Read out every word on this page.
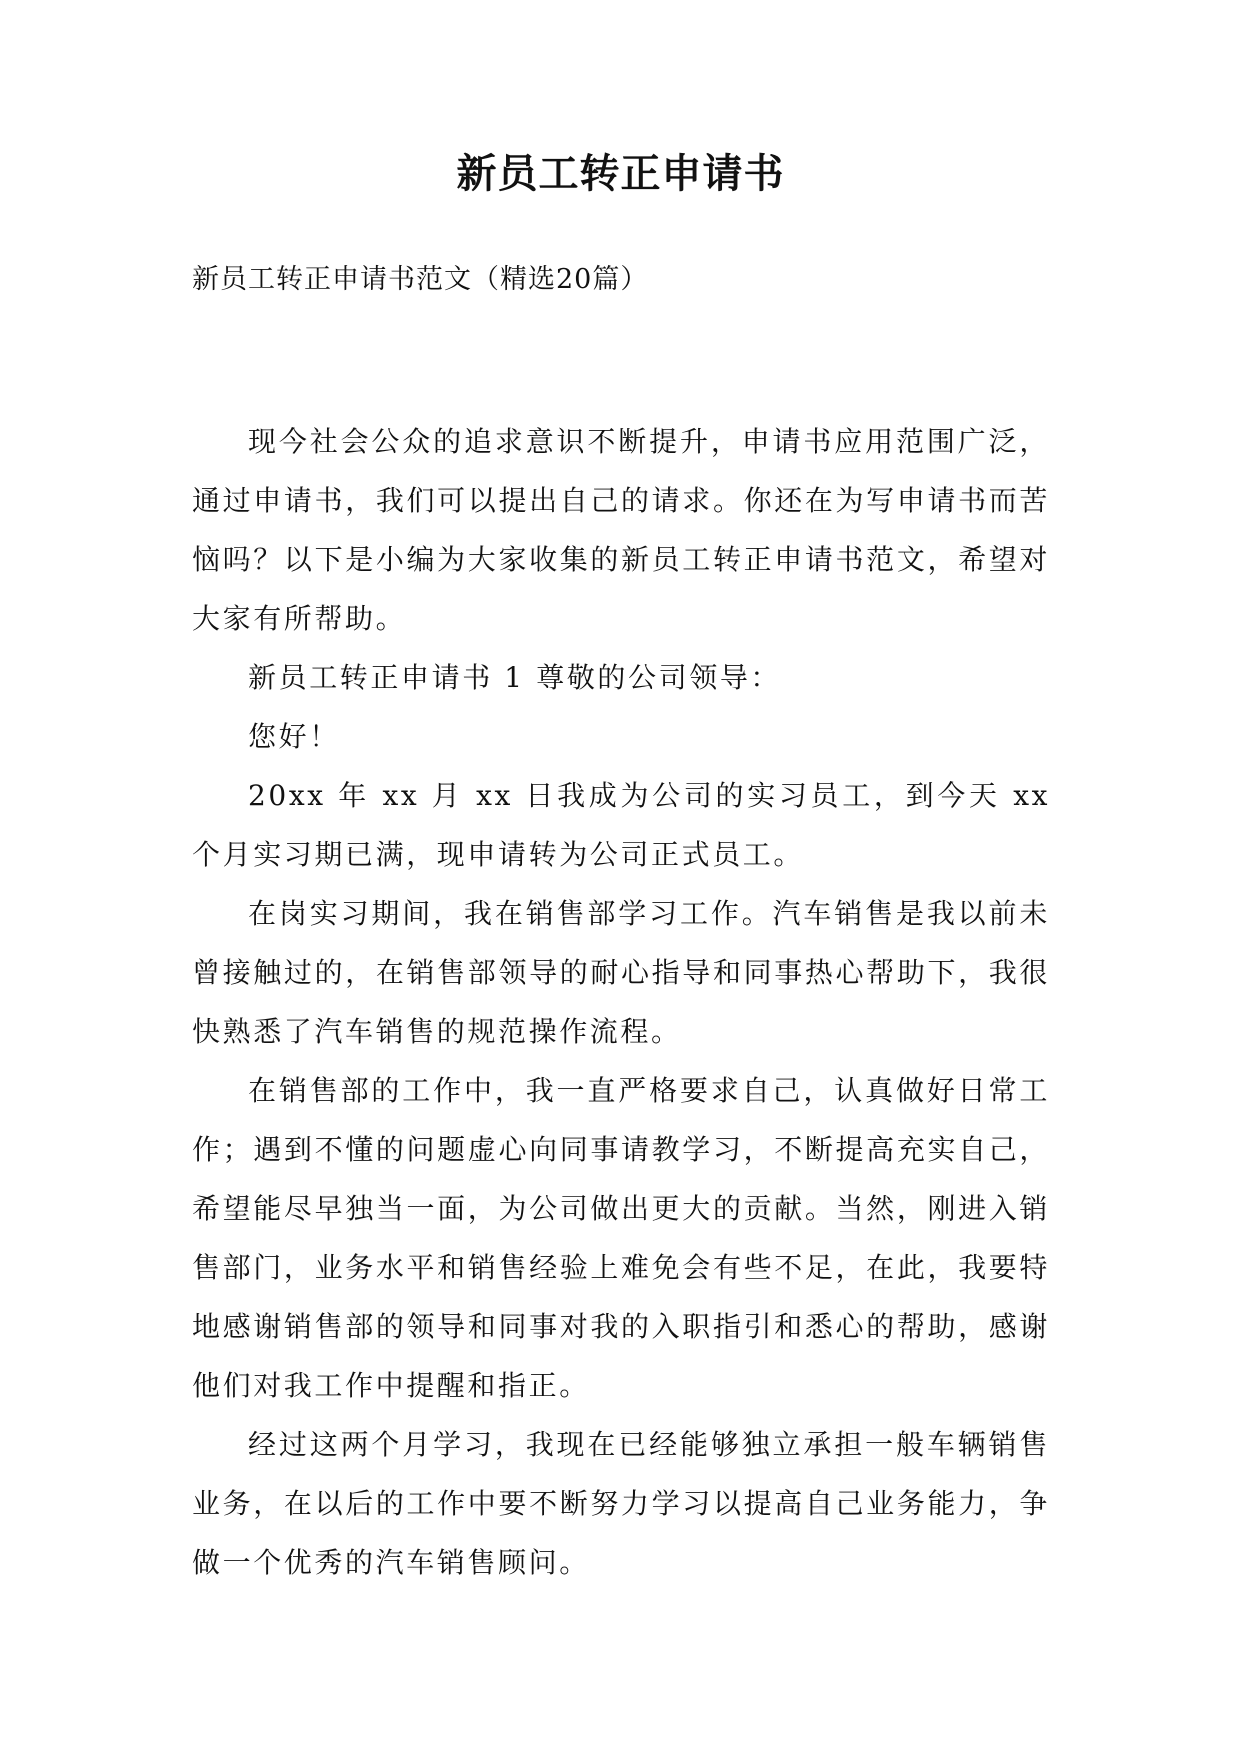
新员工转正申请书

新员工转正申请书范文（精选20篇）

现今社会公众的追求意识不断提升，申请书应用范围广泛，通过申请书，我们可以提出自己的请求。你还在为写申请书而苦恼吗？以下是小编为大家收集的新员工转正申请书范文，希望对大家有所帮助。

新员工转正申请书 1 尊敬的公司领导：

您好！

20xx 年 xx 月 xx 日我成为公司的实习员工，到今天 xx 个月实习期已满，现申请转为公司正式员工。

在岗实习期间，我在销售部学习工作。汽车销售是我以前未曾接触过的，在销售部领导的耐心指导和同事热心帮助下，我很快熟悉了汽车销售的规范操作流程。

在销售部的工作中，我一直严格要求自己，认真做好日常工作；遇到不懂的问题虚心向同事请教学习，不断提高充实自己，希望能尽早独当一面，为公司做出更大的贡献。当然，刚进入销售部门，业务水平和销售经验上难免会有些不足，在此，我要特地感谢销售部的领导和同事对我的入职指引和悉心的帮助，感谢他们对我工作中提醒和指正。

经过这两个月学习，我现在已经能够独立承担一般车辆销售业务，在以后的工作中要不断努力学习以提高自己业务能力，争做一个优秀的汽车销售顾问。
